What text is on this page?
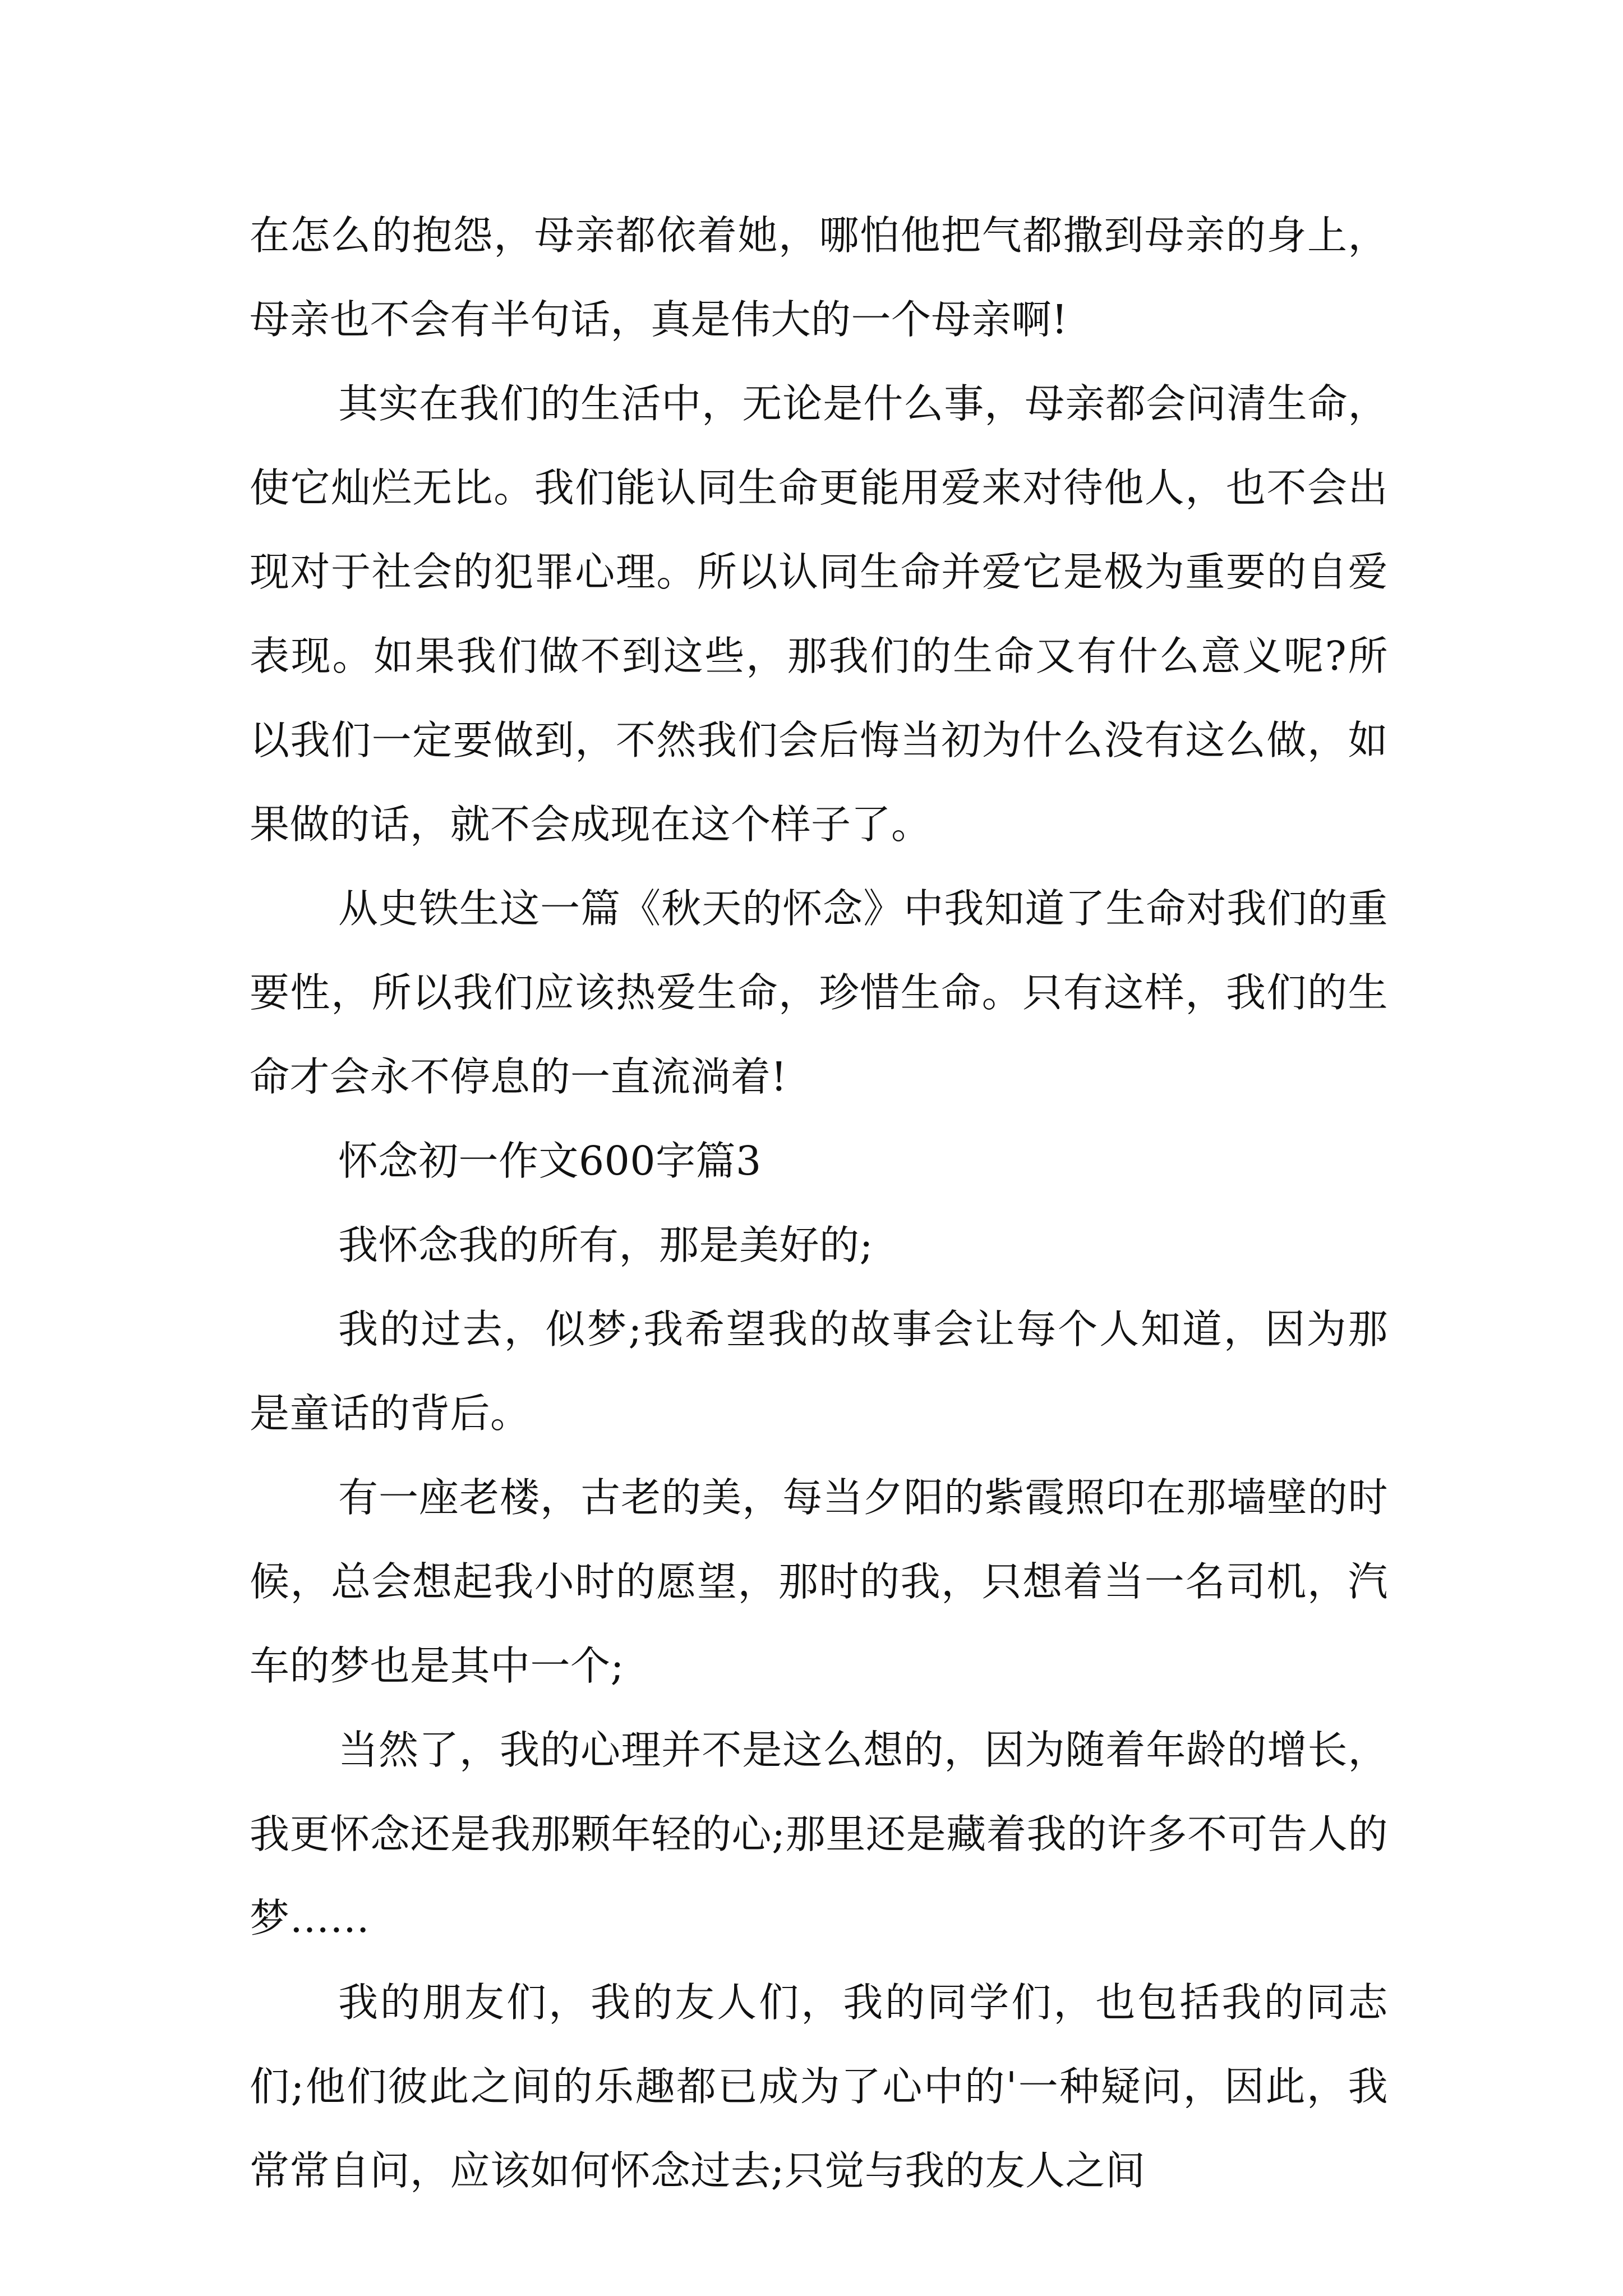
在怎么的抱怨，母亲都依着她，哪怕他把气都撒到母亲的身上，母亲也不会有半句话，真是伟大的一个母亲啊!

其实在我们的生活中，无论是什么事，母亲都会问清生命，使它灿烂无比。我们能认同生命更能用爱来对待他人，也不会出现对于社会的犯罪心理。所以认同生命并爱它是极为重要的自爱表现。如果我们做不到这些，那我们的生命又有什么意义呢?所以我们一定要做到，不然我们会后悔当初为什么没有这么做，如果做的话，就不会成现在这个样子了。

从史铁生这一篇《秋天的怀念》中我知道了生命对我们的重要性，所以我们应该热爱生命，珍惜生命。只有这样，我们的生命才会永不停息的一直流淌着!

怀念初一作文600字篇3

我怀念我的所有，那是美好的;

我的过去，似梦;我希望我的故事会让每个人知道，因为那是童话的背后。

有一座老楼，古老的美，每当夕阳的紫霞照印在那墙壁的时候，总会想起我小时的愿望，那时的我，只想着当一名司机，汽车的梦也是其中一个;

当然了，我的心理并不是这么想的，因为随着年龄的增长，我更怀念还是我那颗年轻的心;那里还是藏着我的许多不可告人的梦……

我的朋友们，我的友人们，我的同学们，也包括我的同志们;他们彼此之间的乐趣都已成为了心中的'一种疑问，因此，我常常自问，应该如何怀念过去;只觉与我的友人之间
